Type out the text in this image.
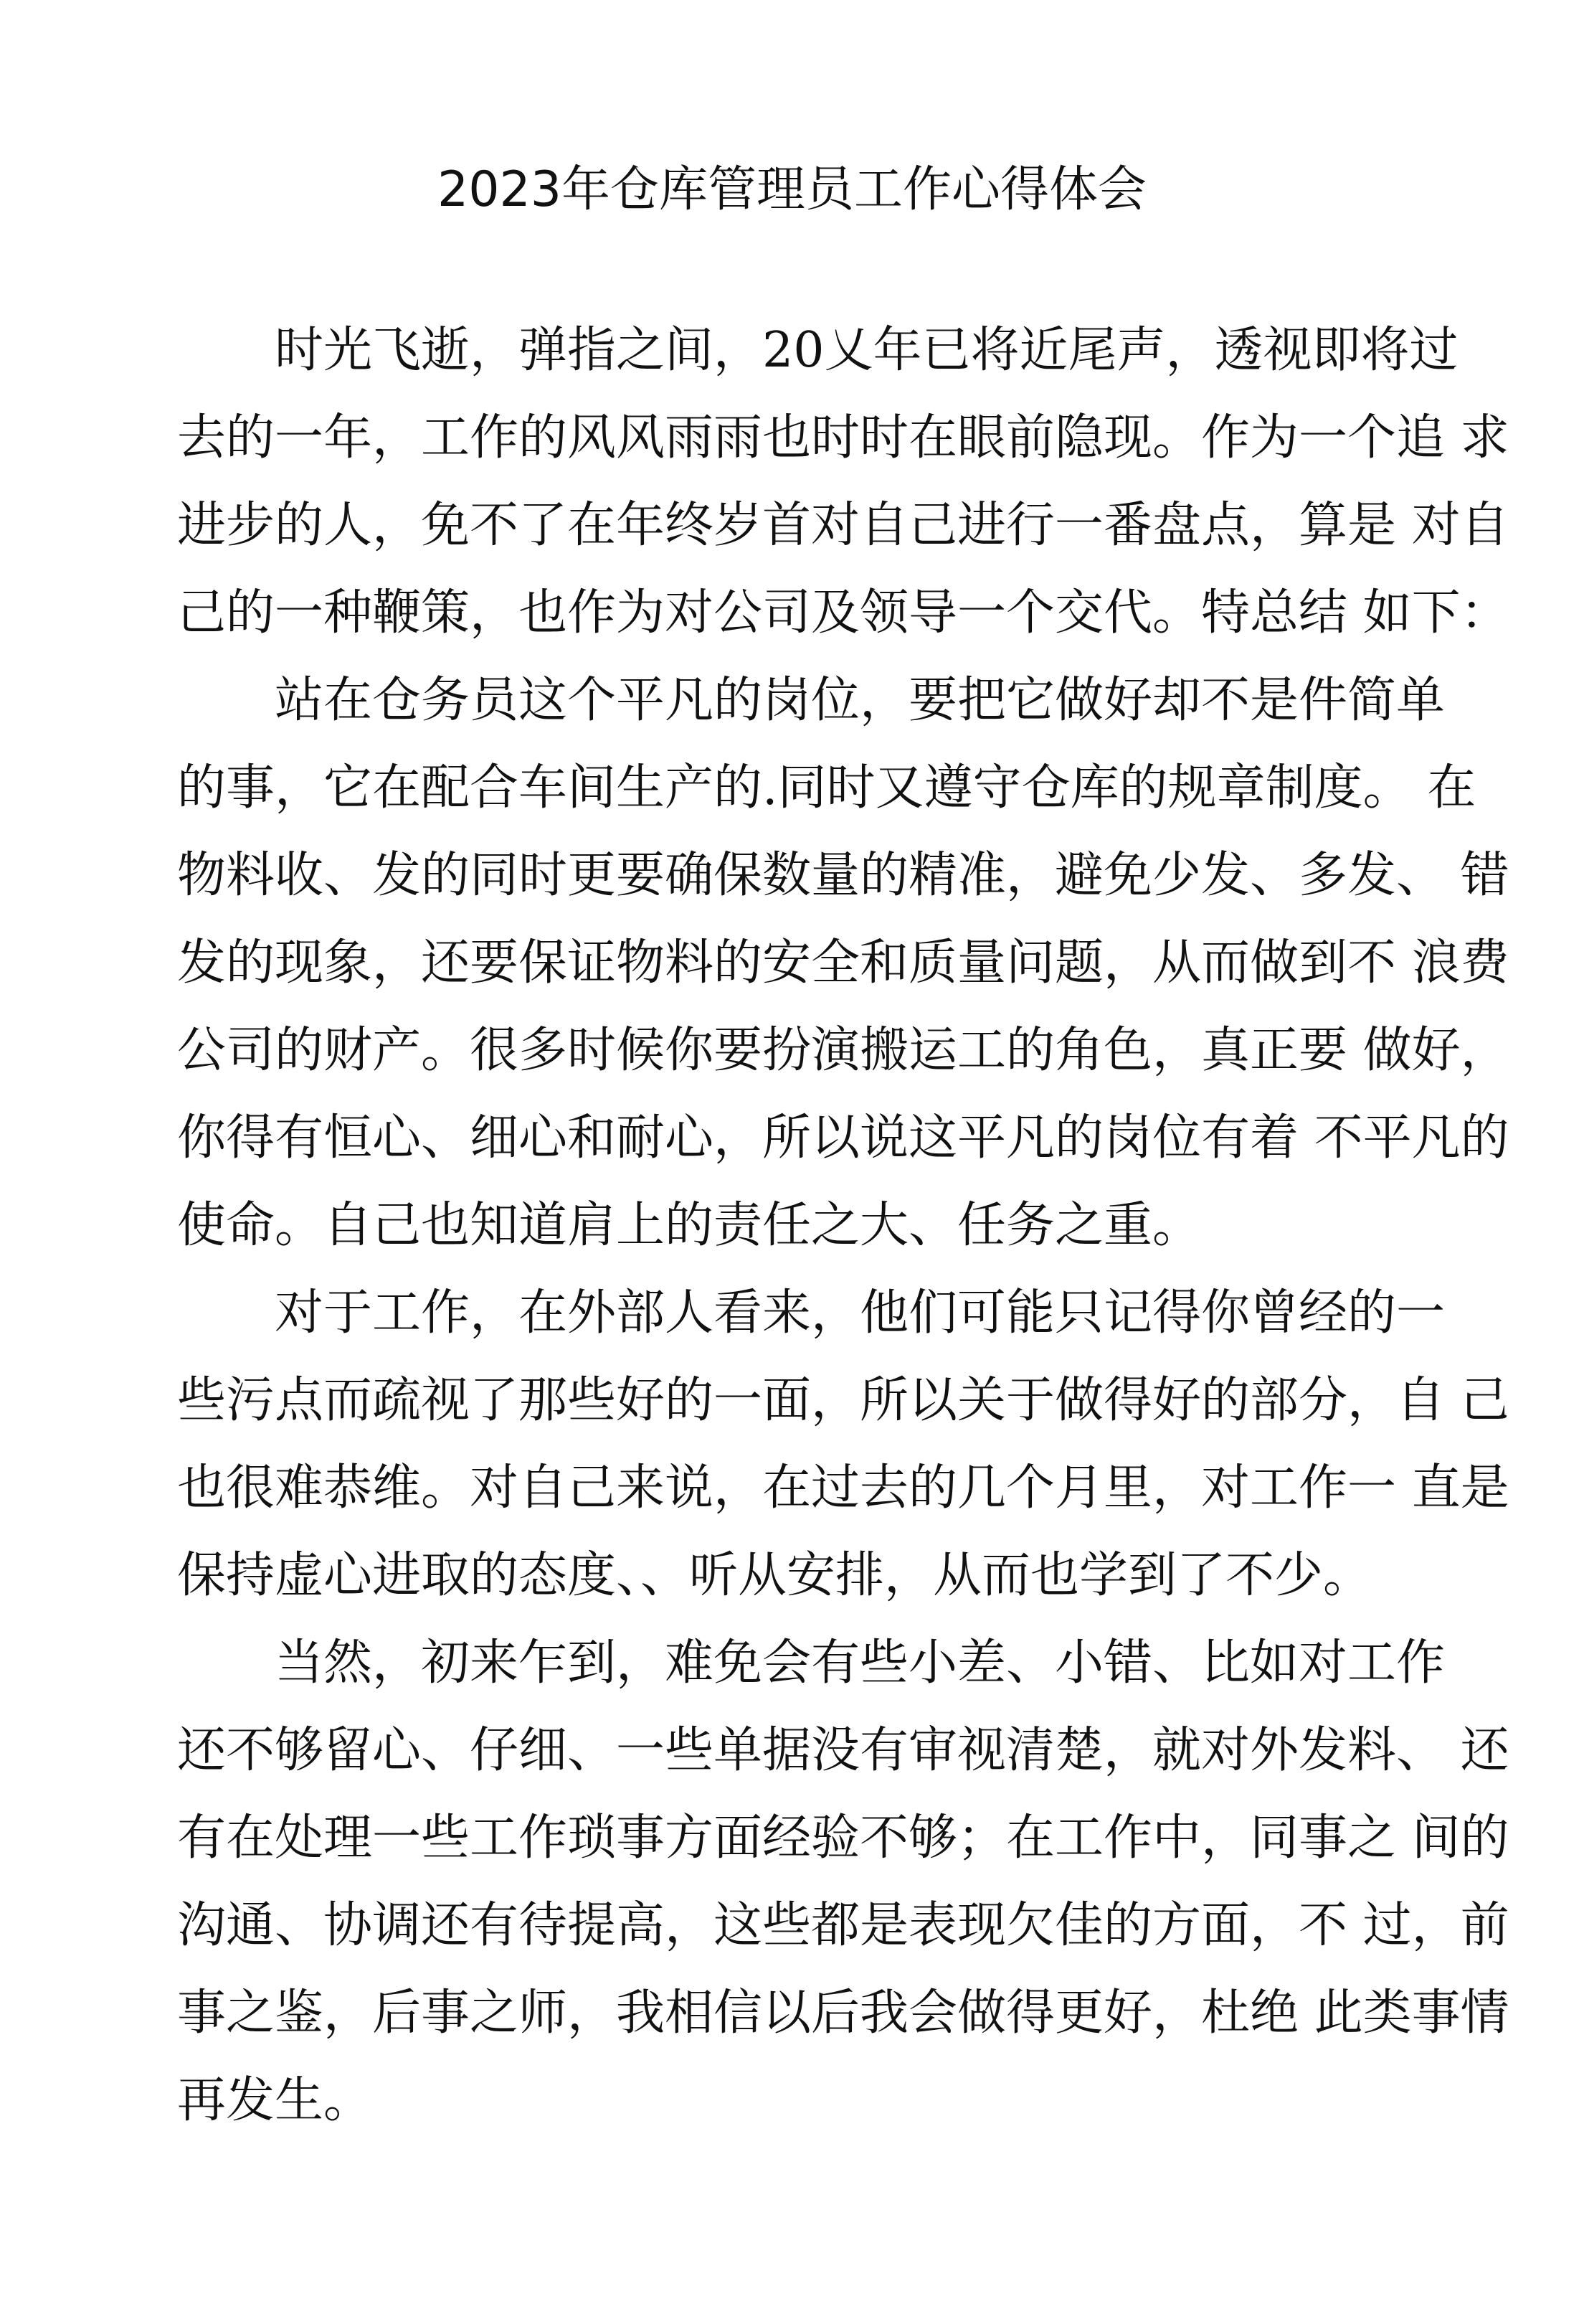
2023年仓库管理员工作心得体会
时光飞逝，弹指之间，20乂年已将近尾声，透视即将过
去的一年，工作的风风雨雨也时时在眼前隐现。作为一个追 求
进步的人，免不了在年终岁首对自己进行一番盘点，算是 对自
己的一种鞭策，也作为对公司及领导一个交代。特总结 如下：
站在仓务员这个平凡的岗位，要把它做好却不是件简单
的事，它在配合车间生产的.同时又遵守仓库的规章制度。 在
物料收、发的同时更要确保数量的精准，避免少发、多发、 错
发的现象，还要保证物料的安全和质量问题，从而做到不 浪费
公司的财产。很多时候你要扮演搬运工的角色，真正要 做好，
你得有恒心、细心和耐心，所以说这平凡的岗位有着 不平凡的
使命。自己也知道肩上的责任之大、任务之重。
对于工作，在外部人看来，他们可能只记得你曾经的一
些污点而疏视了那些好的一面，所以关于做得好的部分，自 己
也很难恭维。对自己来说，在过去的几个月里，对工作一 直是
保持虚心进取的态度、、听从安排，从而也学到了不少。
当然，初来乍到，难免会有些小差、小错、比如对工作
还不够留心、仔细、一些单据没有审视清楚，就对外发料、 还
有在处理一些工作琐事方面经验不够；在工作中，同事之 间的
沟通、协调还有待提高，这些都是表现欠佳的方面，不 过，前
事之鉴，后事之师，我相信以后我会做得更好，杜绝 此类事情
再发生。
